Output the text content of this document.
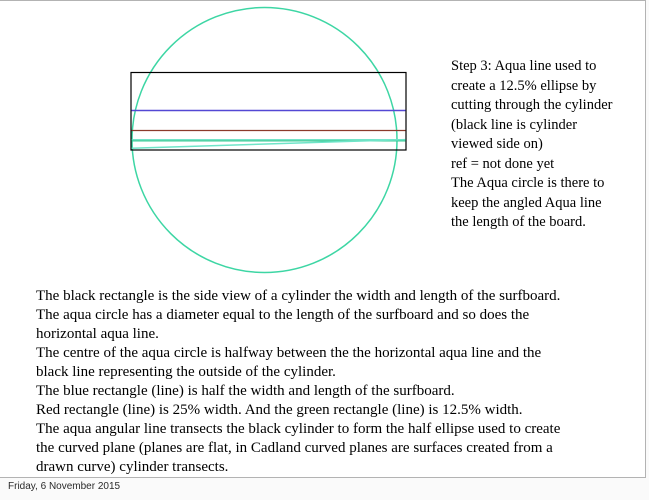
Step 3: Aqua line used to
create a 12.5% ellipse by
cutting through the cylinder
(black line is cylinder
viewed side on)
ref = not done yet
The Aqua circle is there to
keep the angled Aqua line
the length of the board.
The black rectangle is the side view of a cylinder the width and length of the surfboard.
The aqua circle has a diameter equal to the length of the surfboard and so does the
horizontal aqua line.
The centre of the aqua circle is halfway between the the horizontal aqua line and the
black line representing the outside of the cylinder.
The blue rectangle (line) is half the width and length of the surfboard.
Red rectangle (line) is 25% width. And the green rectangle (line) is 12.5% width.
The aqua angular line transects the black cylinder to form the half ellipse used to create
the curved plane (planes are flat, in Cadland curved planes are surfaces created from a
drawn curve) cylinder transects.
Friday, 6 November 2015
